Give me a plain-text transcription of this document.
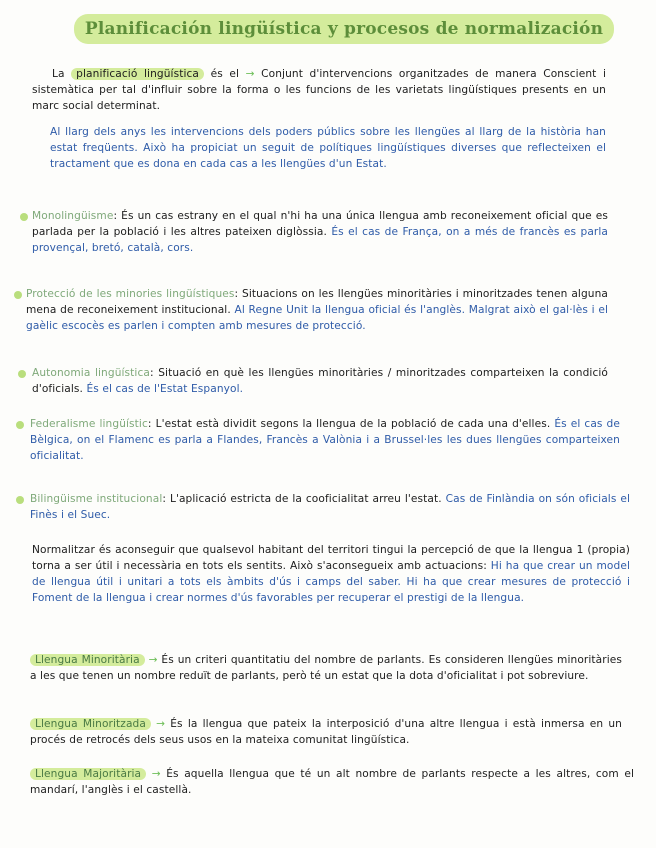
Planificación lingüística y procesos de normalización
La planificació lingüística és el → Conjunt d'intervencions organitzades de manera Conscient i sistemàtica per tal d'influir sobre la forma o les funcions de les varietats lingüístiques presents en un marc social determinat.
Al llarg dels anys les intervencions dels poders públics sobre les llengües al llarg de la història han estat freqüents. Això ha propiciat un seguit de polítiques lingüístiques diverses que reflecteixen el tractament que es dona en cada cas a les llengües d'un Estat.
Monolingüisme: És un cas estrany en el qual n'hi ha una única llengua amb reconeixement oficial que es parlada per la població i les altres pateixen diglòssia. És el cas de França, on a més de francès es parla provençal, bretó, català, cors.
Protecció de les minories lingüístiques: Situacions on les llengües minoritàries i minoritzades tenen alguna mena de reconeixement institucional. Al Regne Unit la llengua oficial és l'anglès. Malgrat això el gal·lès i el gaèlic escocès es parlen i compten amb mesures de protecció.
Autonomia lingüística: Situació en què les llengües minoritàries / minoritzades comparteixen la condició d'oficials. És el cas de l'Estat Espanyol.
Federalisme lingüístic: L'estat està dividit segons la llengua de la població de cada una d'elles. És el cas de Bèlgica, on el Flamenc es parla a Flandes, Francès a Valònia i a Brussel·les les dues llengües comparteixen oficialitat.
Bilingüisme institucional: L'aplicació estricta de la cooficialitat arreu l'estat. Cas de Finlàndia on són oficials el Finès i el Suec.
Normalitzar és aconseguir que qualsevol habitant del territori tingui la percepció de que la llengua 1 (propia) torna a ser útil i necessària en tots els sentits. Això s'aconsegueix amb actuacions: Hi ha que crear un model de llengua útil i unitari a tots els àmbits d'ús i camps del saber. Hi ha que crear mesures de protecció i Foment de la llengua i crear normes d'ús favorables per recuperar el prestigi de la llengua.
Llengua Minoritària → És un criteri quantitatiu del nombre de parlants. Es consideren llengües minoritàries a les que tenen un nombre reduït de parlants, però té un estat que la dota d'oficialitat i pot sobreviure.
Llengua Minoritzada → És la llengua que pateix la interposició d'una altre llengua i està inmersa en un procés de retrocés dels seus usos en la mateixa comunitat lingüística.
Llengua Majoritària → És aquella llengua que té un alt nombre de parlants respecte a les altres, com el mandarí, l'anglès i el castellà.
